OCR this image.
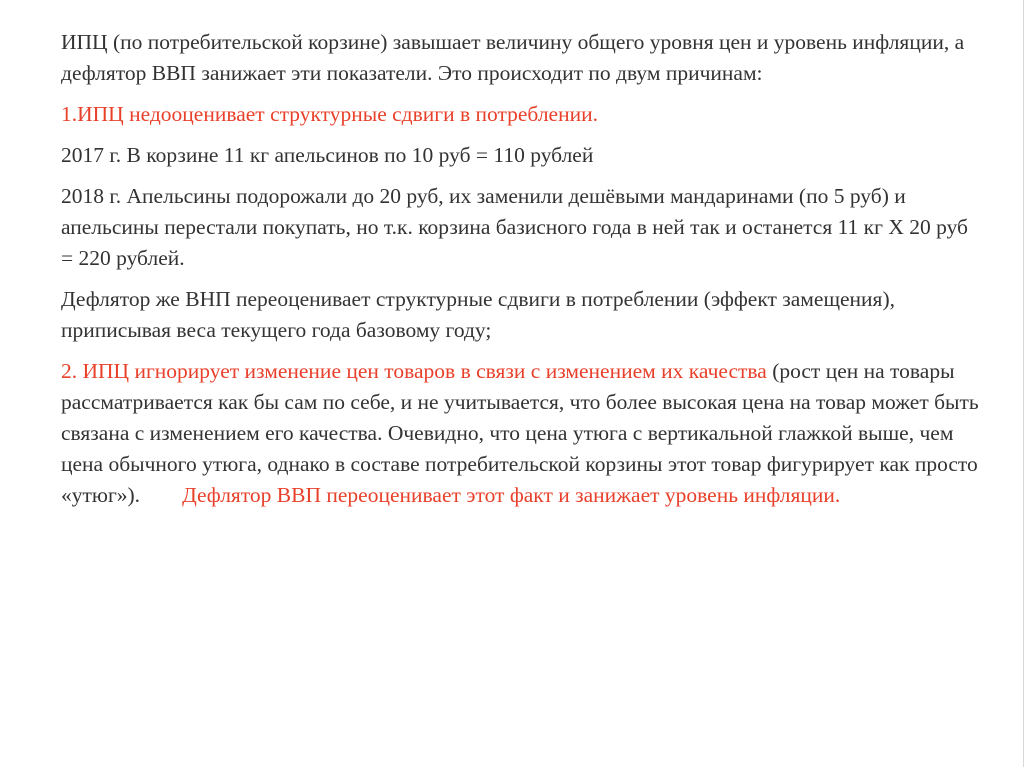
ИПЦ (по потребительской корзине) завышает величину общего уровня цен и уровень инфляции, а дефлятор ВВП занижает эти показатели. Это происходит по двум причинам:

1.ИПЦ недооценивает структурные сдвиги в потреблении.

2017 г. В корзине 11 кг апельсинов по 10 руб = 110 рублей

2018 г. Апельсины подорожали до 20 руб, их заменили дешёвыми мандаринами (по 5 руб) и апельсины перестали покупать, но т.к. корзина базисного года в ней так и останется 11 кг Х 20 руб = 220 рублей.

Дефлятор же ВНП переоценивает структурные сдвиги в потреблении (эффект замещения), приписывая веса текущего года базовому году;

2. ИПЦ игнорирует изменение цен товаров в связи с изменением их качества (рост цен на товары рассматривается как бы сам по себе, и не учитывается, что более высокая цена на товар может быть связана с изменением его качества. Очевидно, что цена утюга с вертикальной глажкой выше, чем цена обычного утюга, однако в составе потребительской корзины этот товар фигурирует как просто «утюг»). Дефлятор ВВП переоценивает этот факт и занижает уровень инфляции.
